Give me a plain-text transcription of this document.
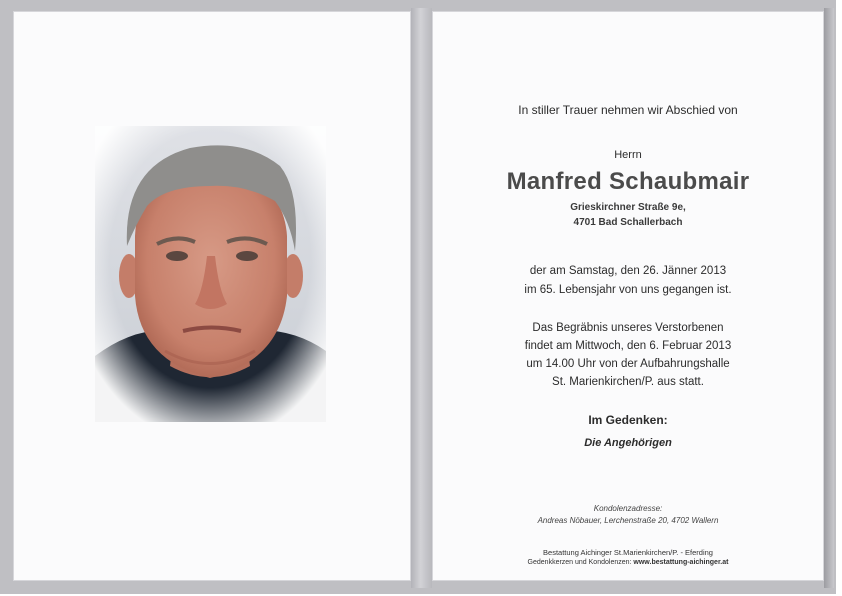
In stiller Trauer nehmen wir Abschied von
Herrn
Manfred Schaubmair
Grieskirchner Straße 9e,
4701 Bad Schallerbach
der am Samstag, den 26. Jänner 2013
im 65. Lebensjahr von uns gegangen ist.
Das Begräbnis unseres Verstorbenen
findet am Mittwoch, den 6. Februar 2013
um 14.00 Uhr von der Aufbahrungshalle
St. Marienkirchen/P. aus statt.
Im Gedenken:
Die Angehörigen
Kondolenzadresse:
Andreas Nöbauer, Lerchenstraße 20, 4702 Wallern
Bestattung Aichinger St.Marienkirchen/P. - Eferding
Gedenkkerzen und Kondolenzen: www.bestattung-aichinger.at
